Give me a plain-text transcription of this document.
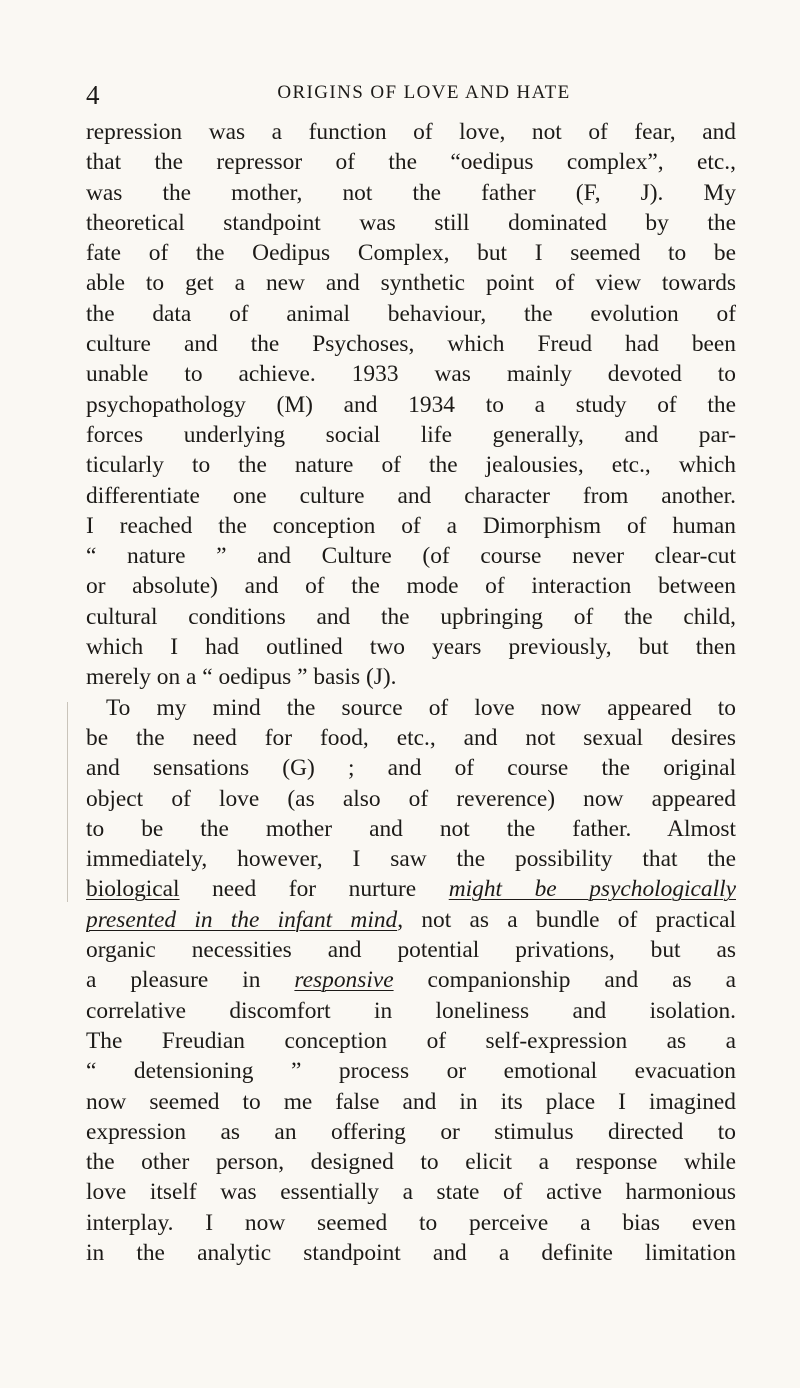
4	ORIGINS OF LOVE AND HATE
repression was a function of love, not of fear, and
that the repressor of the “oedipus complex”, etc.,
was the mother, not the father (F, J). My
theoretical standpoint was still dominated by the
fate of the Oedipus Complex, but I seemed to be
able to get a new and synthetic point of view towards
the data of animal behaviour, the evolution of
culture and the Psychoses, which Freud had been
unable to achieve. 1933 was mainly devoted to
psychopathology (M) and 1934 to a study of the
forces underlying social life generally, and par-
ticularly to the nature of the jealousies, etc., which
differentiate one culture and character from another.
I reached the conception of a Dimorphism of human
“ nature ” and Culture (of course never clear-cut
or absolute) and of the mode of interaction between
cultural conditions and the upbringing of the child,
which I had outlined two years previously, but then
merely on a “ oedipus ” basis (J).
To my mind the source of love now appeared to
be the need for food, etc., and not sexual desires
and sensations (G) ; and of course the original
object of love (as also of reverence) now appeared
to be the mother and not the father. Almost
immediately, however, I saw the possibility that the
biological need for nurture might be psychologically
presented in the infant mind, not as a bundle of practical
organic necessities and potential privations, but as
a pleasure in responsive companionship and as a
correlative discomfort in loneliness and isolation.
The Freudian conception of self-expression as a
“ detensioning ” process or emotional evacuation
now seemed to me false and in its place I imagined
expression as an offering or stimulus directed to
the other person, designed to elicit a response while
love itself was essentially a state of active harmonious
interplay. I now seemed to perceive a bias even
in the analytic standpoint and a definite limitation
